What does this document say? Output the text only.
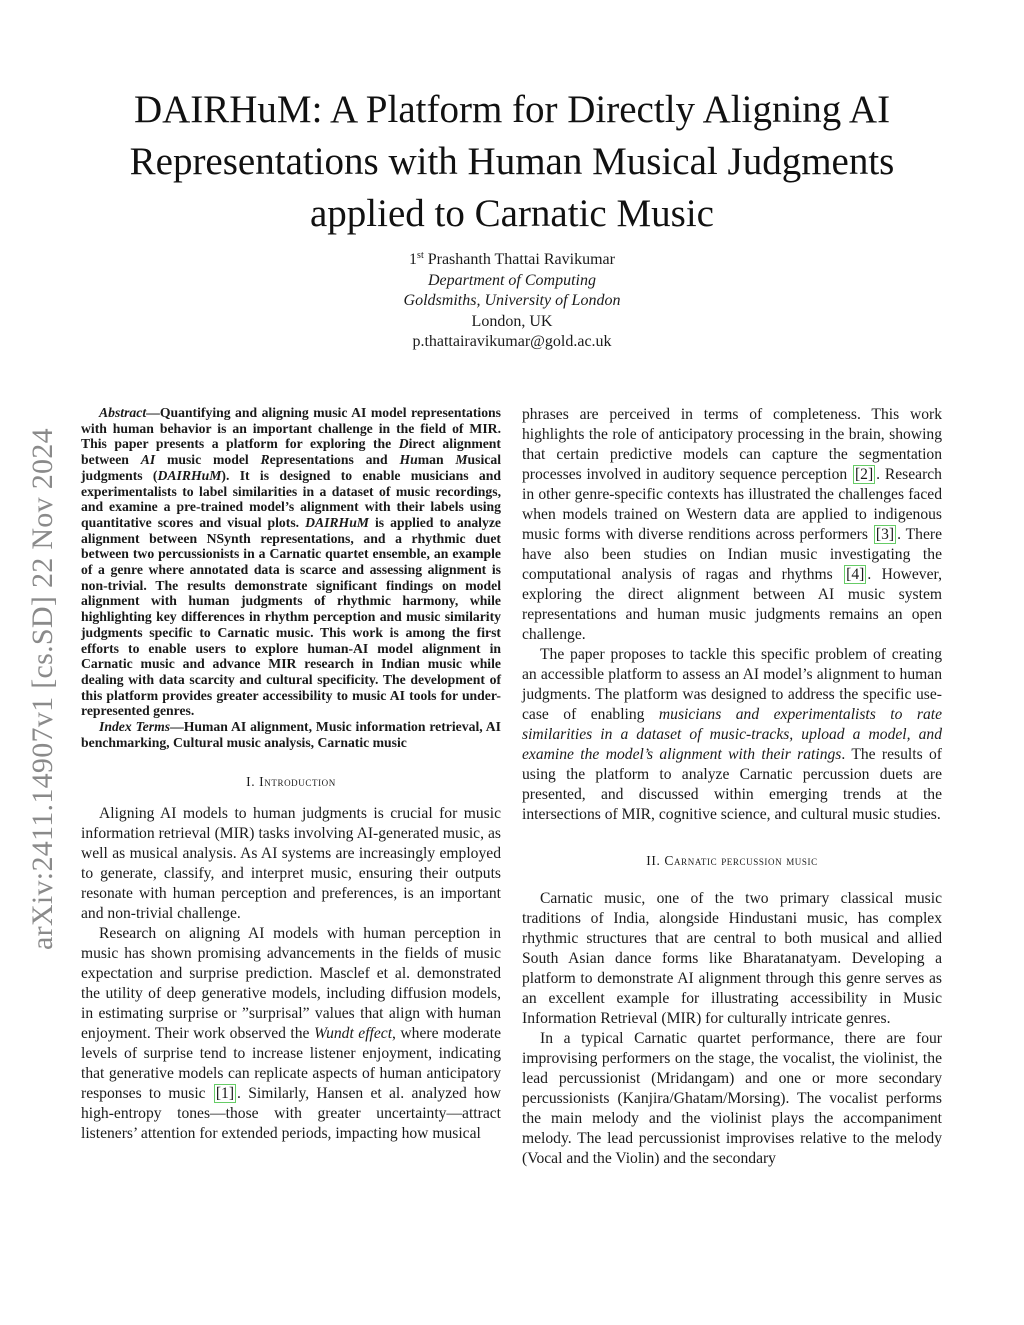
arXiv:2411.14907v1 [cs.SD] 22 Nov 2024
DAIRHuM: A Platform for Directly Aligning AI
Representations with Human Musical Judgments
applied to Carnatic Music
1st Prashanth Thattai Ravikumar
Department of Computing
Goldsmiths, University of London
London, UK
p.thattairavikumar@gold.ac.uk

Abstract—Quantifying and aligning music AI model representations with human behavior is an important challenge in the field of MIR. This paper presents a platform for exploring the Direct alignment between AI music model Representations and Human Musical judgments (DAIRHuM). It is designed to enable musicians and experimentalists to label similarities in a dataset of music recordings, and examine a pre-trained model’s alignment with their labels using quantitative scores and visual plots. DAIRHuM is applied to analyze alignment between NSynth representations, and a rhythmic duet between two percussionists in a Carnatic quartet ensemble, an example of a genre where annotated data is scarce and assessing alignment is non-trivial. The results demonstrate significant findings on model alignment with human judgments of rhythmic harmony, while highlighting key differences in rhythm perception and music similarity judgments specific to Carnatic music. This work is among the first efforts to enable users to explore human-AI model alignment in Carnatic music and advance MIR research in Indian music while dealing with data scarcity and cultural specificity. The development of this platform provides greater accessibility to music AI tools for under-represented genres.

Index Terms—Human AI alignment, Music information retrieval, AI benchmarking, Cultural music analysis, Carnatic music

I. Introduction

Aligning AI models to human judgments is crucial for music information retrieval (MIR) tasks involving AI-generated music, as well as musical analysis. As AI systems are increasingly employed to generate, classify, and interpret music, ensuring their outputs resonate with human perception and preferences, is an important and non-trivial challenge.

Research on aligning AI models with human perception in music has shown promising advancements in the fields of music expectation and surprise prediction. Masclef et al. demonstrated the utility of deep generative models, including diffusion models, in estimating surprise or ”surprisal” values that align with human enjoyment. Their work observed the Wundt effect, where moderate levels of surprise tend to increase listener enjoyment, indicating that generative models can replicate aspects of human anticipatory responses to music [1] . Similarly, Hansen et al. analyzed how high-entropy tones—those with greater uncertainty—attract listeners’ attention for extended periods, impacting how musical

phrases are perceived in terms of completeness. This work highlights the role of anticipatory processing in the brain, showing that certain predictive models can capture the segmentation processes involved in auditory sequence perception [2] . Research in other genre-specific contexts has illustrated the challenges faced when models trained on Western data are applied to indigenous music forms with diverse renditions across performers [3] . There have also been studies on Indian music investigating the computational analysis of ragas and rhythms [4] . However, exploring the direct alignment between AI music system representations and human music judgments remains an open challenge.

The paper proposes to tackle this specific problem of creating an accessible platform to assess an AI model’s alignment to human judgments. The platform was designed to address the specific use-case of enabling musicians and experimentalists to rate similarities in a dataset of music-tracks, upload a model, and examine the model’s alignment with their ratings. The results of using the platform to analyze Carnatic percussion duets are presented, and discussed within emerging trends at the intersections of MIR, cognitive science, and cultural music studies.

II. Carnatic percussion music

Carnatic music, one of the two primary classical music traditions of India, alongside Hindustani music, has complex rhythmic structures that are central to both musical and allied South Asian dance forms like Bharatanatyam. Developing a platform to demonstrate AI alignment through this genre serves as an excellent example for illustrating accessibility in Music Information Retrieval (MIR) for culturally intricate genres.

In a typical Carnatic quartet performance, there are four improvising performers on the stage, the vocalist, the violinist, the lead percussionist (Mridangam) and one or more secondary percussionists (Kanjira/Ghatam/Morsing). The vocalist performs the main melody and the violinist plays the accompaniment melody. The lead percussionist improvises relative to the melody (Vocal and the Violin) and the secondary
